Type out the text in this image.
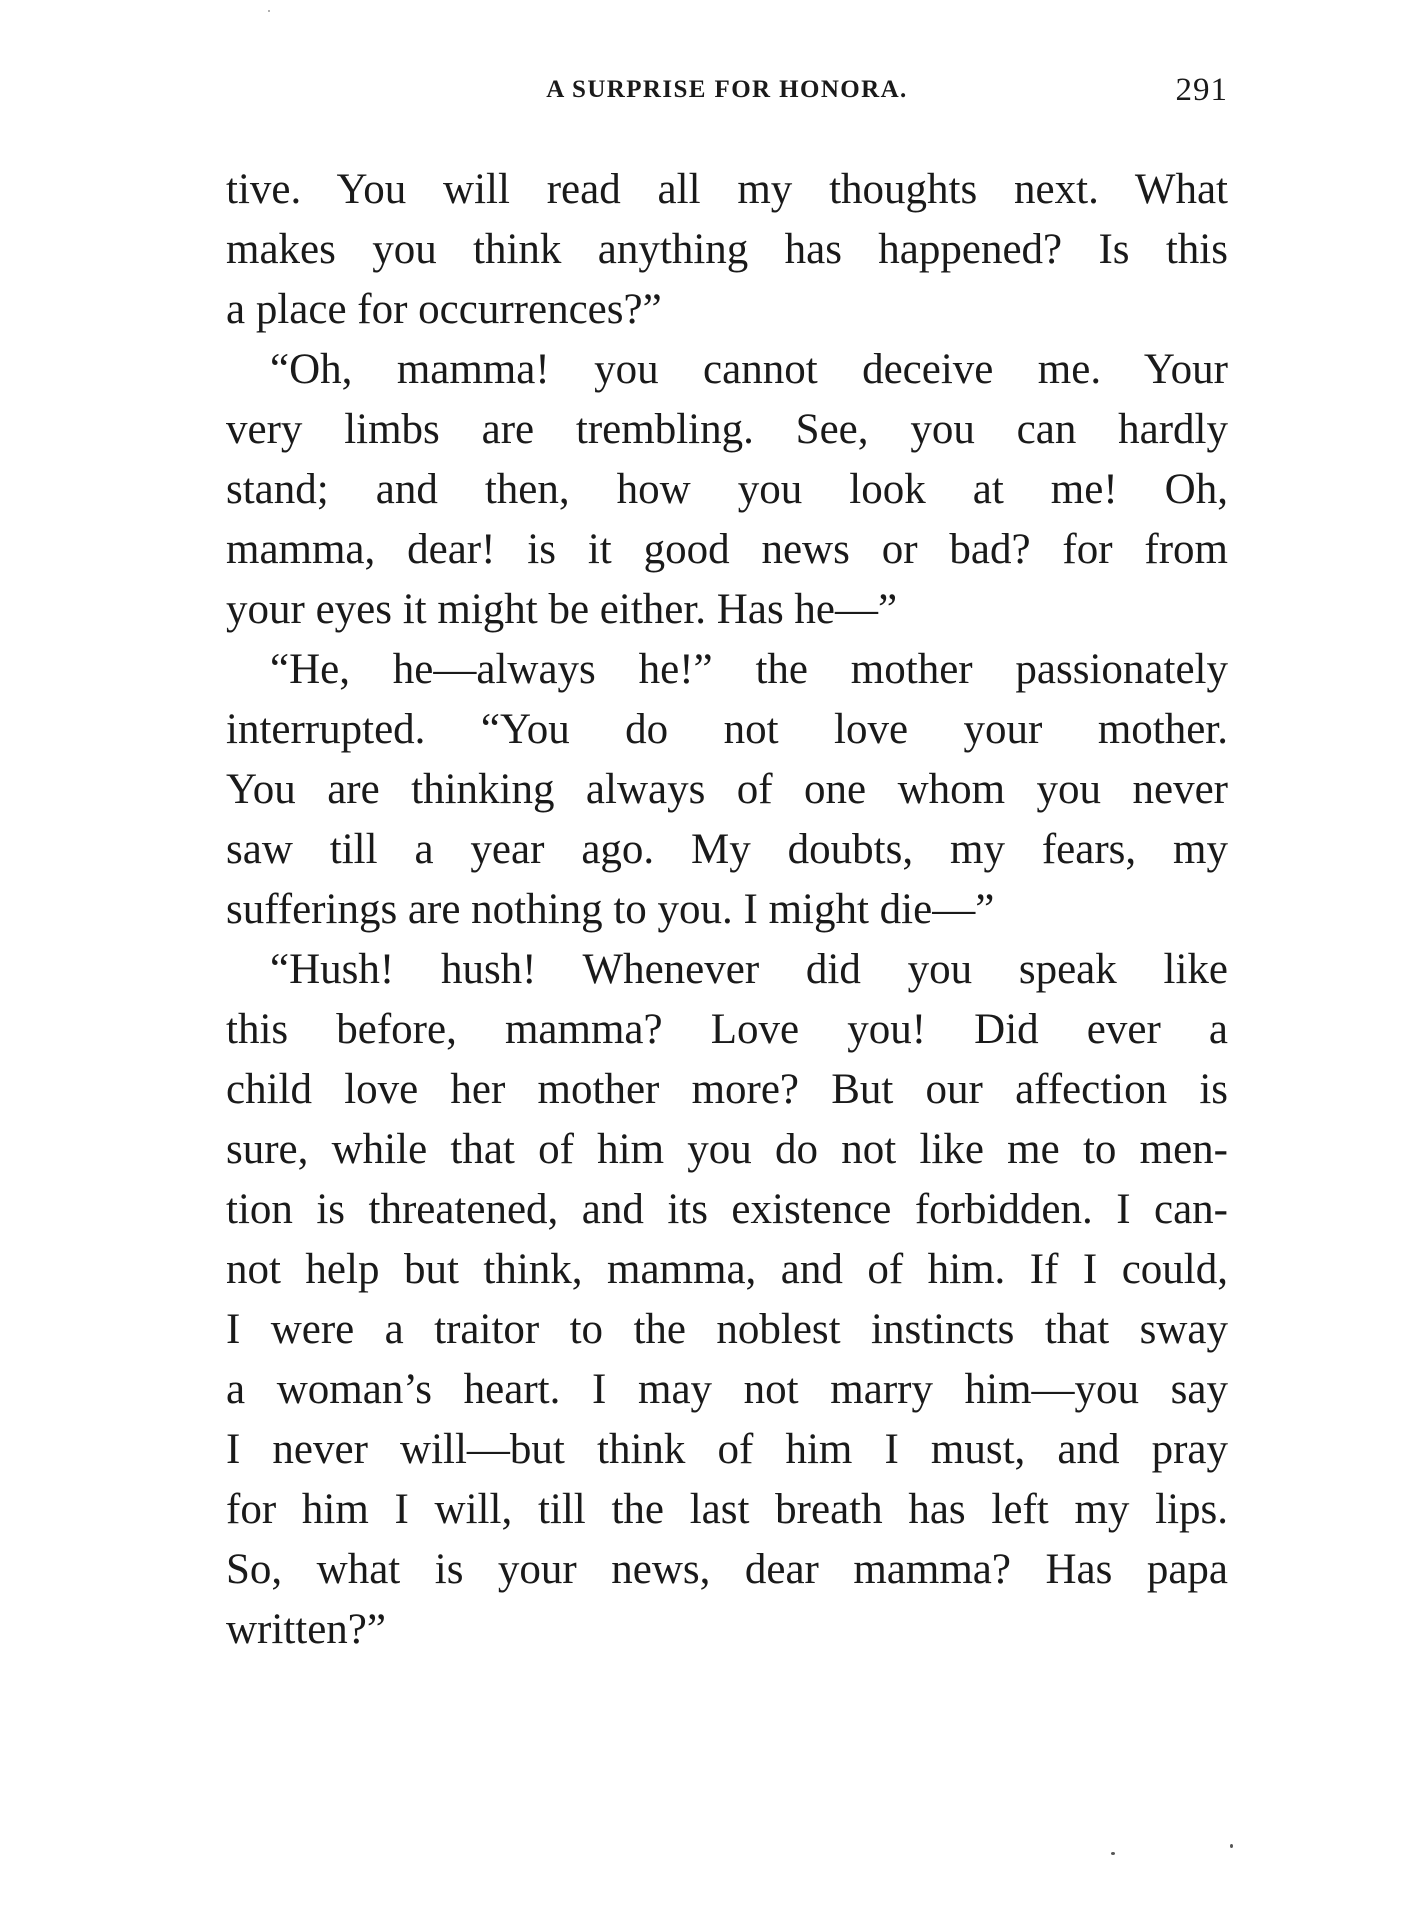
A SURPRISE FOR HONORA.	291
tive. You will read all my thoughts next. What
makes you think anything has happened? Is this
a place for occurrences?”
“Oh, mamma! you cannot deceive me. Your
very limbs are trembling. See, you can hardly
stand; and then, how you look at me! Oh,
mamma, dear! is it good news or bad? for from
your eyes it might be either. Has he—”
“He, he—always he!” the mother passionately
interrupted. “You do not love your mother.
You are thinking always of one whom you never
saw till a year ago. My doubts, my fears, my
sufferings are nothing to you. I might die—”
“Hush! hush! Whenever did you speak like
this before, mamma? Love you! Did ever a
child love her mother more? But our affection is
sure, while that of him you do not like me to men-
tion is threatened, and its existence forbidden. I can-
not help but think, mamma, and of him. If I could,
I were a traitor to the noblest instincts that sway
a woman’s heart. I may not marry him—you say
I never will—but think of him I must, and pray
for him I will, till the last breath has left my lips.
So, what is your news, dear mamma? Has papa
written?”
